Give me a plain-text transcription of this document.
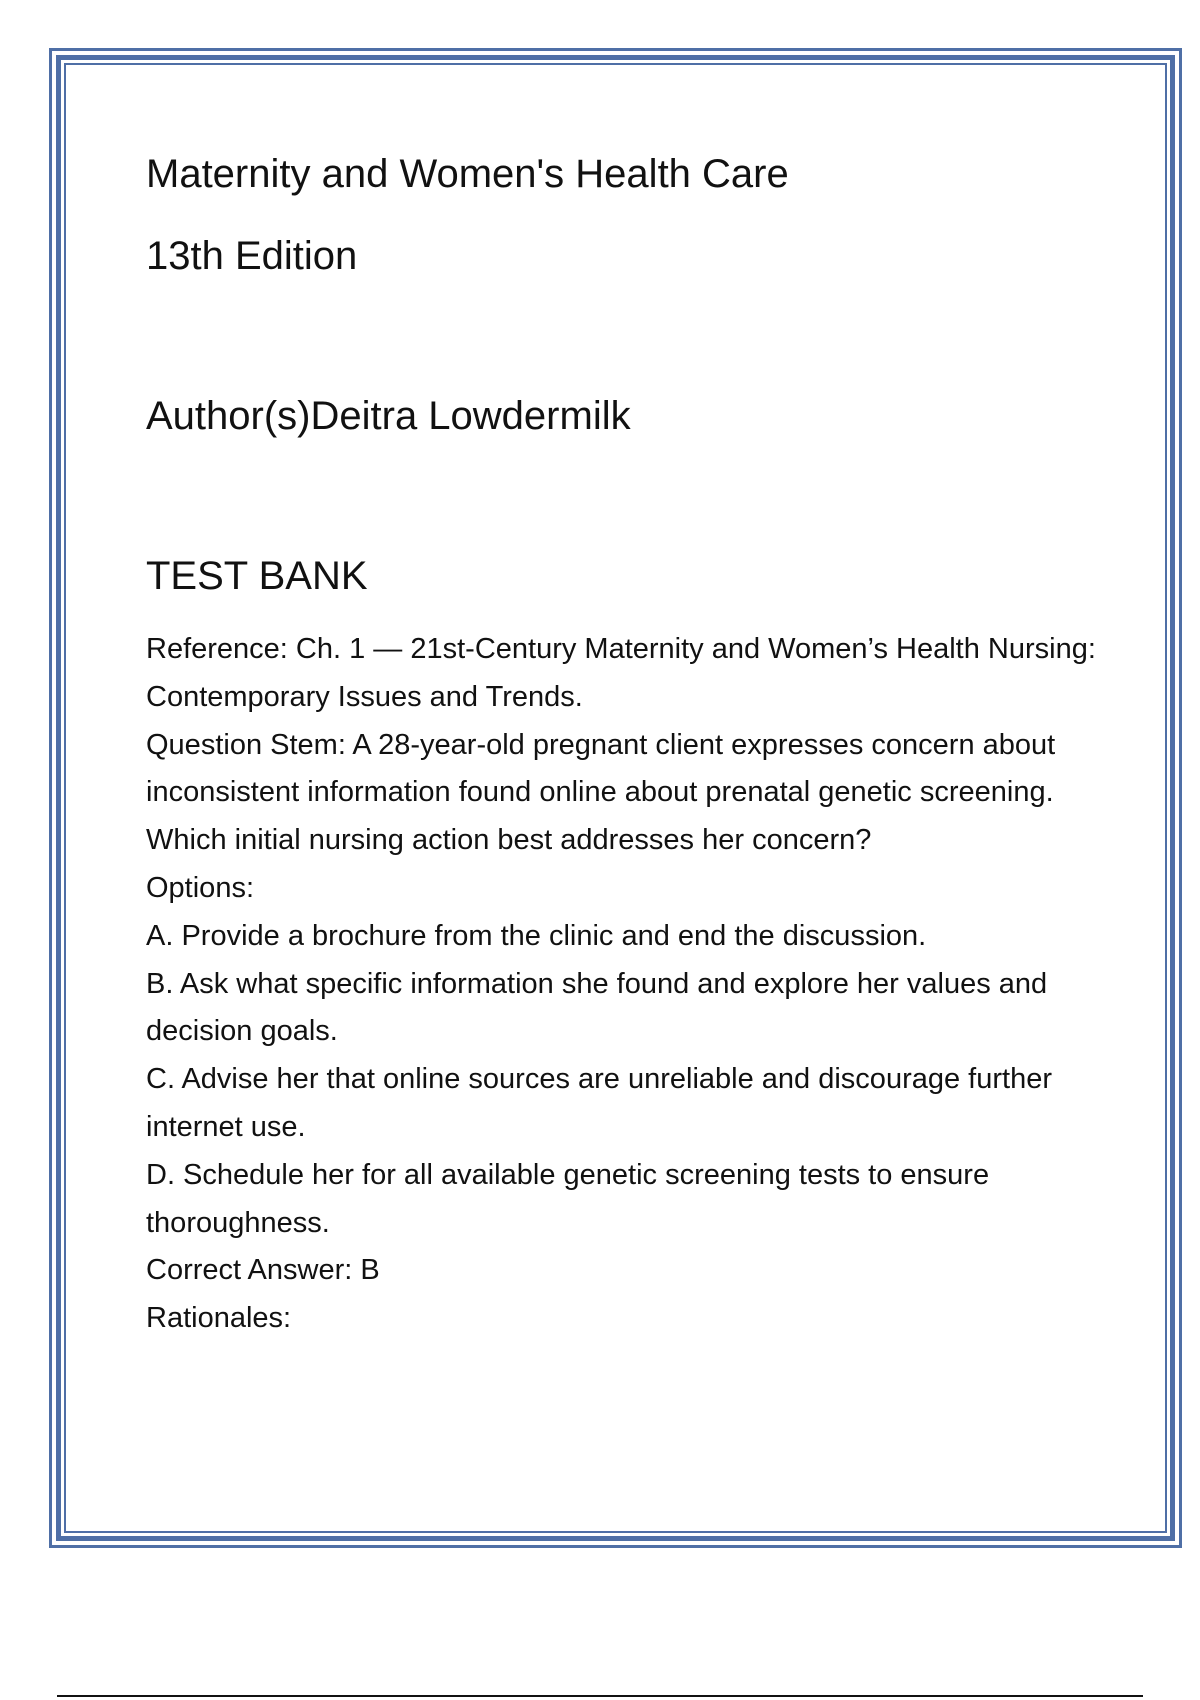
Maternity and Women's Health Care
13th Edition
Author(s)Deitra Lowdermilk
TEST BANK

Reference: Ch. 1 — 21st-Century Maternity and Women’s Health Nursing: Contemporary Issues and Trends.

Question Stem: A 28-year-old pregnant client expresses concern about inconsistent information found online about prenatal genetic screening. Which initial nursing action best addresses her concern?

Options:

A. Provide a brochure from the clinic and end the discussion.

B. Ask what specific information she found and explore her values and decision goals.

C. Advise her that online sources are unreliable and discourage further internet use.

D. Schedule her for all available genetic screening tests to ensure thoroughness.

Correct Answer: B

Rationales:
